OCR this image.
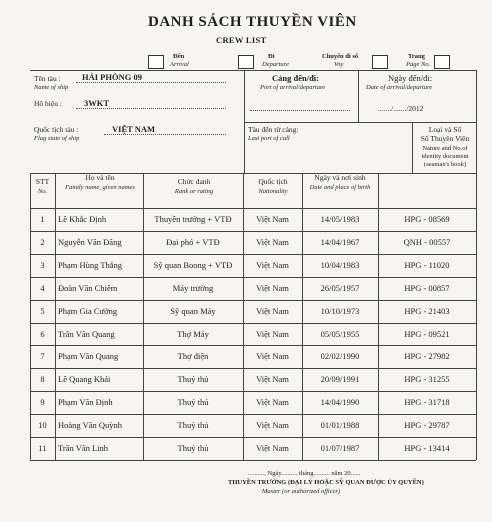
DANH SÁCH THUYỀN VIÊN
CREW LIST
Đến
Arrival
Đi
Departure
Chuyến đi số
Voy
Trang
Page No.
Tên tàu :
Name of ship
HẢI PHÒNG 09
Hô hiệu :	3WKT
Quốc tịch tàu :
Flag state of ship
VIỆT NAM
Cảng đến/đi:
Port of arrival/departure
Tàu đến từ cảng:
Last port of call
Ngày đến/đi:
Date of arrival/departure
......./......./2012
Loại và Số
Sổ Thuyền Viên
Nature and No.of
identity document
(seaman's book)
STT
No.
Họ và tên
Family name, given names
Chức danh
Rank or rating
Quốc tịch
Nationality
Ngày và nơi sinh
Date and place of birth
1	Lê Khắc Định	Thuyền trưởng + VTĐ	Việt Nam	14/05/1983	HPG - 08569
2	Nguyễn Văn Đăng	Đại phó + VTĐ	Việt Nam	14/04/1967	QNH - 00557
3	Phạm Hùng Thắng	Sỹ quan Boong + VTĐ	Việt Nam	10/04/1983	HPG - 11020
4	Đoàn Văn Chiêm	Máy trưởng	Việt Nam	26/05/1957	HPG - 00857
5	Phạm Gia Cường	Sỹ quan Máy	Việt Nam	10/10/1973	HPG - 21403
6	Trần Văn Quang	Thợ Máy	Việt Nam	05/05/1955	HPG - 09521
7	Phạm Văn Quang	Thợ điện	Việt Nam	02/02/1990	HPG - 27982
8	Lê Quang Khải	Thuỷ thủ	Việt Nam	20/09/1991	HPG - 31255
9	Phạm Văn Định	Thuỷ thủ	Việt Nam	14/04/1990	HPG - 31718
10	Hoàng Văn Quỳnh	Thuỷ thủ	Việt Nam	01/01/1988	HPG - 29787
11	Trần Văn Linh	Thuỷ thủ	Việt Nam	01/07/1987	HPG - 13414
.........., Ngày.......... tháng.......... năm 20......
THUYỀN TRƯỞNG (ĐẠI LÝ HOẶC SỸ QUAN ĐƯỢC ỦY QUYỀN)
Master (or authorized officer)
